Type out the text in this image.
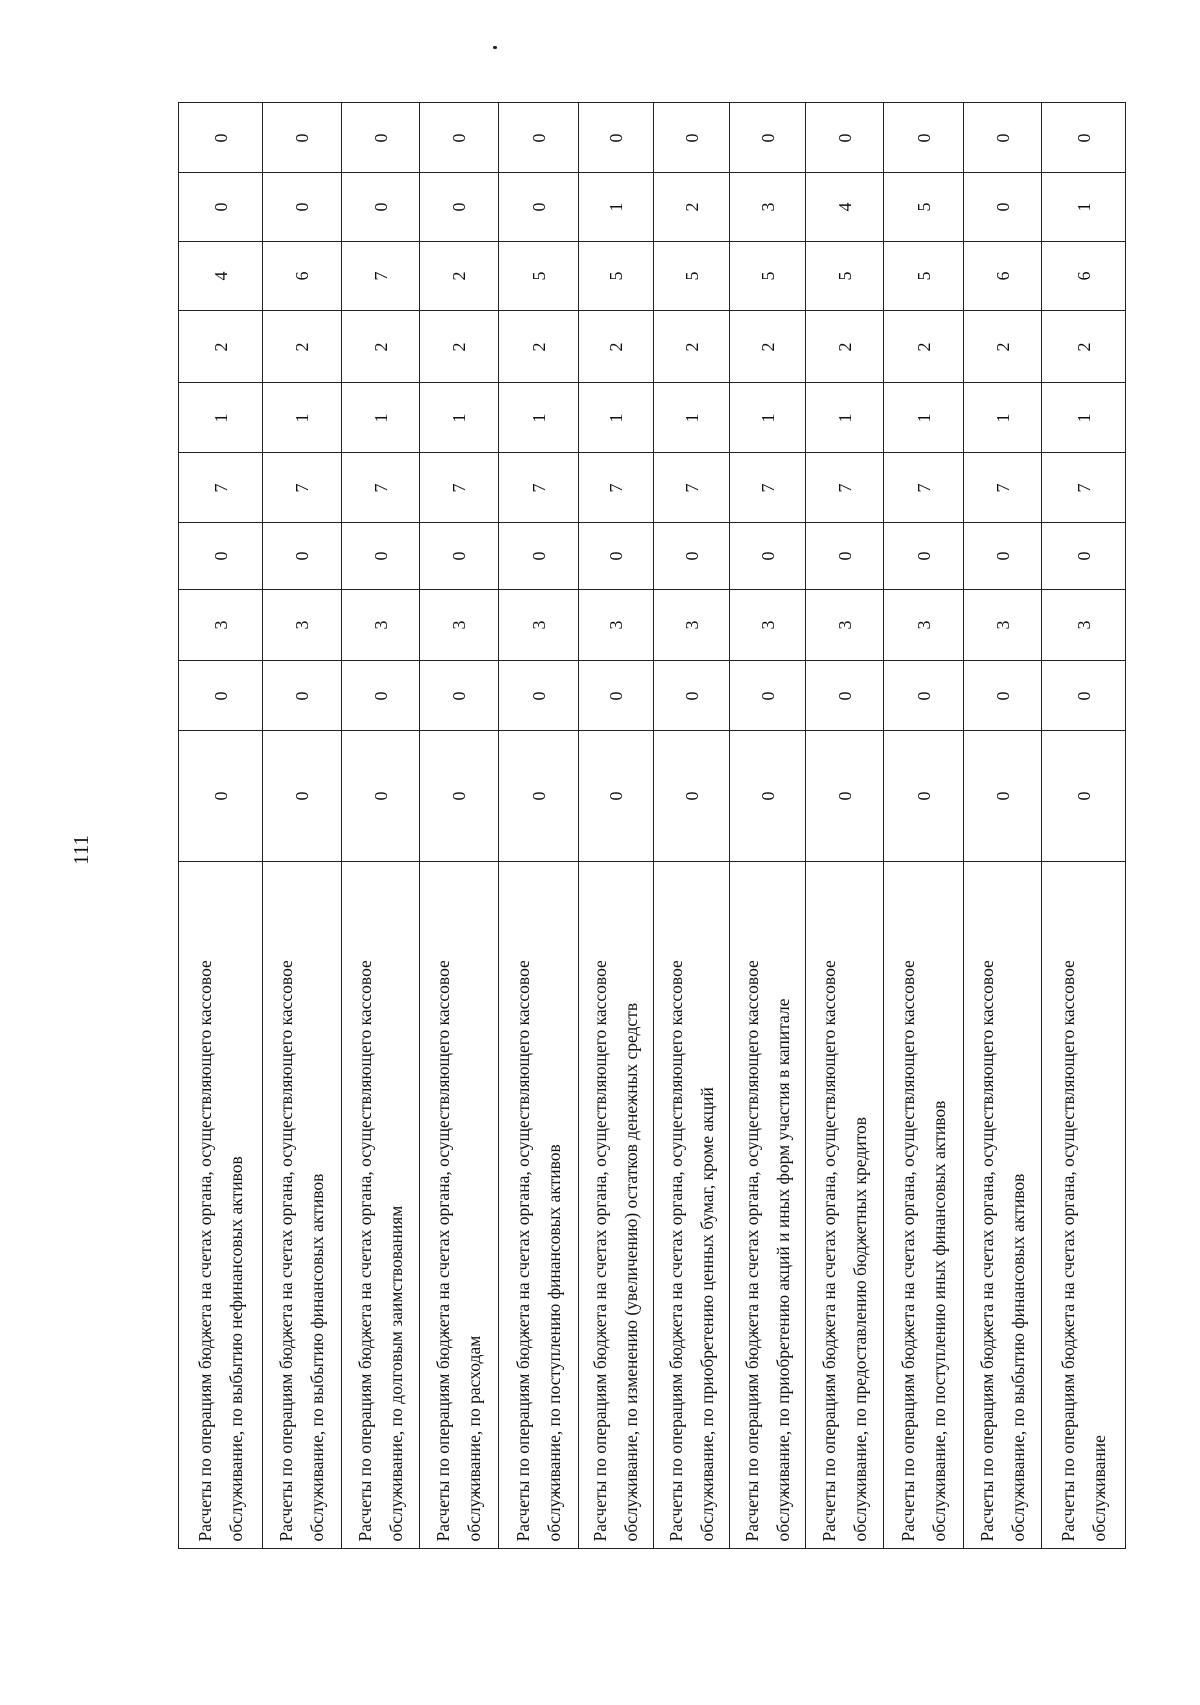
111
Расчеты по операциям бюджета на счетах органа, осуществляющего кассовое обслуживание, по выбытию нефинансовых активов
0
0
3
0
7
1
2
4
0
0
Расчеты по операциям бюджета на счетах органа, осуществляющего кассовое обслуживание, по выбытию финансовых активов
0
0
3
0
7
1
2
6
0
0
Расчеты по операциям бюджета на счетах органа, осуществляющего кассовое обслуживание, по долговым заимствованиям
0
0
3
0
7
1
2
7
0
0
Расчеты по операциям бюджета на счетах органа, осуществляющего кассовое обслуживание, по расходам
0
0
3
0
7
1
2
2
0
0
Расчеты по операциям бюджета на счетах органа, осуществляющего кассовое обслуживание, по поступлению финансовых активов
0
0
3
0
7
1
2
5
0
0
Расчеты по операциям бюджета на счетах органа, осуществляющего кассовое обслуживание, по изменению (увеличению) остатков денежных средств
0
0
3
0
7
1
2
5
1
0
Расчеты по операциям бюджета на счетах органа, осуществляющего кассовое обслуживание, по приобретению ценных бумаг, кроме акций
0
0
3
0
7
1
2
5
2
0
Расчеты по операциям бюджета на счетах органа, осуществляющего кассовое обслуживание, по приобретению акций и иных форм участия в капитале
0
0
3
0
7
1
2
5
3
0
Расчеты по операциям бюджета на счетах органа, осуществляющего кассовое обслуживание, по предоставлению бюджетных кредитов
0
0
3
0
7
1
2
5
4
0
Расчеты по операциям бюджета на счетах органа, осуществляющего кассовое обслуживание, по поступлению иных финансовых активов
0
0
3
0
7
1
2
5
5
0
Расчеты по операциям бюджета на счетах органа, осуществляющего кассовое обслуживание, по выбытию финансовых активов
0
0
3
0
7
1
2
6
0
0
Расчеты по операциям бюджета на счетах органа, осуществляющего кассовое обслуживание
0
0
3
0
7
1
2
6
1
0
